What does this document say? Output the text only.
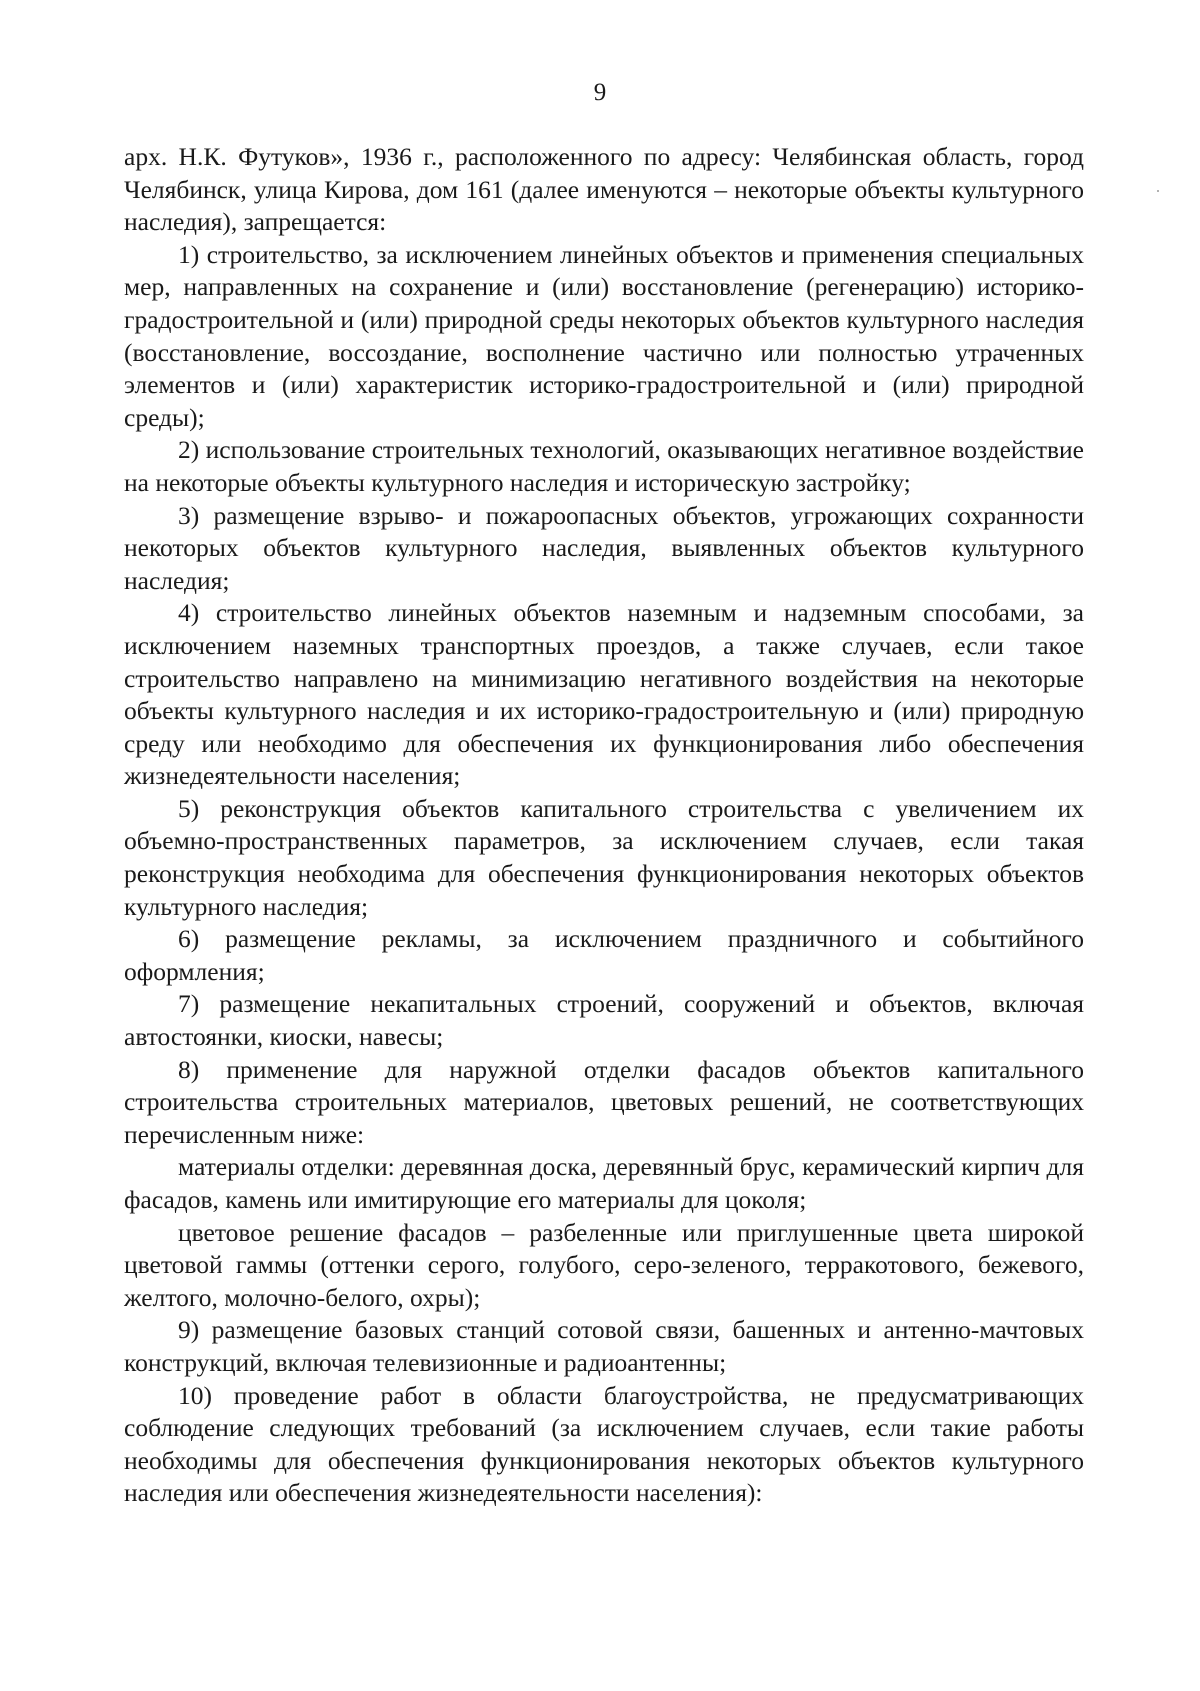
9

арх. Н.К. Футуков», 1936 г., расположенного по адресу: Челябинская область, город Челябинск, улица Кирова, дом 161 (далее именуются – некоторые объекты культурного наследия), запрещается:

1) строительство, за исключением линейных объектов и применения специальных мер, направленных на сохранение и (или) восстановление (регенерацию) историко-градостроительной и (или) природной среды некоторых объектов культурного наследия (восстановление, воссоздание, восполнение частично или полностью утраченных элементов и (или) характеристик историко-градостроительной и (или) природной среды);

2) использование строительных технологий, оказывающих негативное воздействие на некоторые объекты культурного наследия и историческую застройку;

3) размещение взрыво- и пожароопасных объектов, угрожающих сохранности некоторых объектов культурного наследия, выявленных объектов культурного наследия;

4) строительство линейных объектов наземным и надземным способами, за исключением наземных транспортных проездов, а также случаев, если такое строительство направлено на минимизацию негативного воздействия на некоторые объекты культурного наследия и их историко-градостроительную и (или) природную среду или необходимо для обеспечения их функционирования либо обеспечения жизнедеятельности населения;

5) реконструкция объектов капитального строительства с увеличением их объемно-пространственных параметров, за исключением случаев, если такая реконструкция необходима для обеспечения функционирования некоторых объектов культурного наследия;

6) размещение рекламы, за исключением праздничного и событийного оформления;

7) размещение некапитальных строений, сооружений и объектов, включая автостоянки, киоски, навесы;

8) применение для наружной отделки фасадов объектов капитального строительства строительных материалов, цветовых решений, не соответствующих перечисленным ниже:

материалы отделки: деревянная доска, деревянный брус, керамический кирпич для фасадов, камень или имитирующие его материалы для цоколя;

цветовое решение фасадов – разбеленные или приглушенные цвета широкой цветовой гаммы (оттенки серого, голубого, серо-зеленого, терракотового, бежевого, желтого, молочно-белого, охры);

9) размещение базовых станций сотовой связи, башенных и антенно-мачтовых конструкций, включая телевизионные и радиоантенны;

10) проведение работ в области благоустройства, не предусматривающих соблюдение следующих требований (за исключением случаев, если такие работы необходимы для обеспечения функционирования некоторых объектов культурного наследия или обеспечения жизнедеятельности населения):
